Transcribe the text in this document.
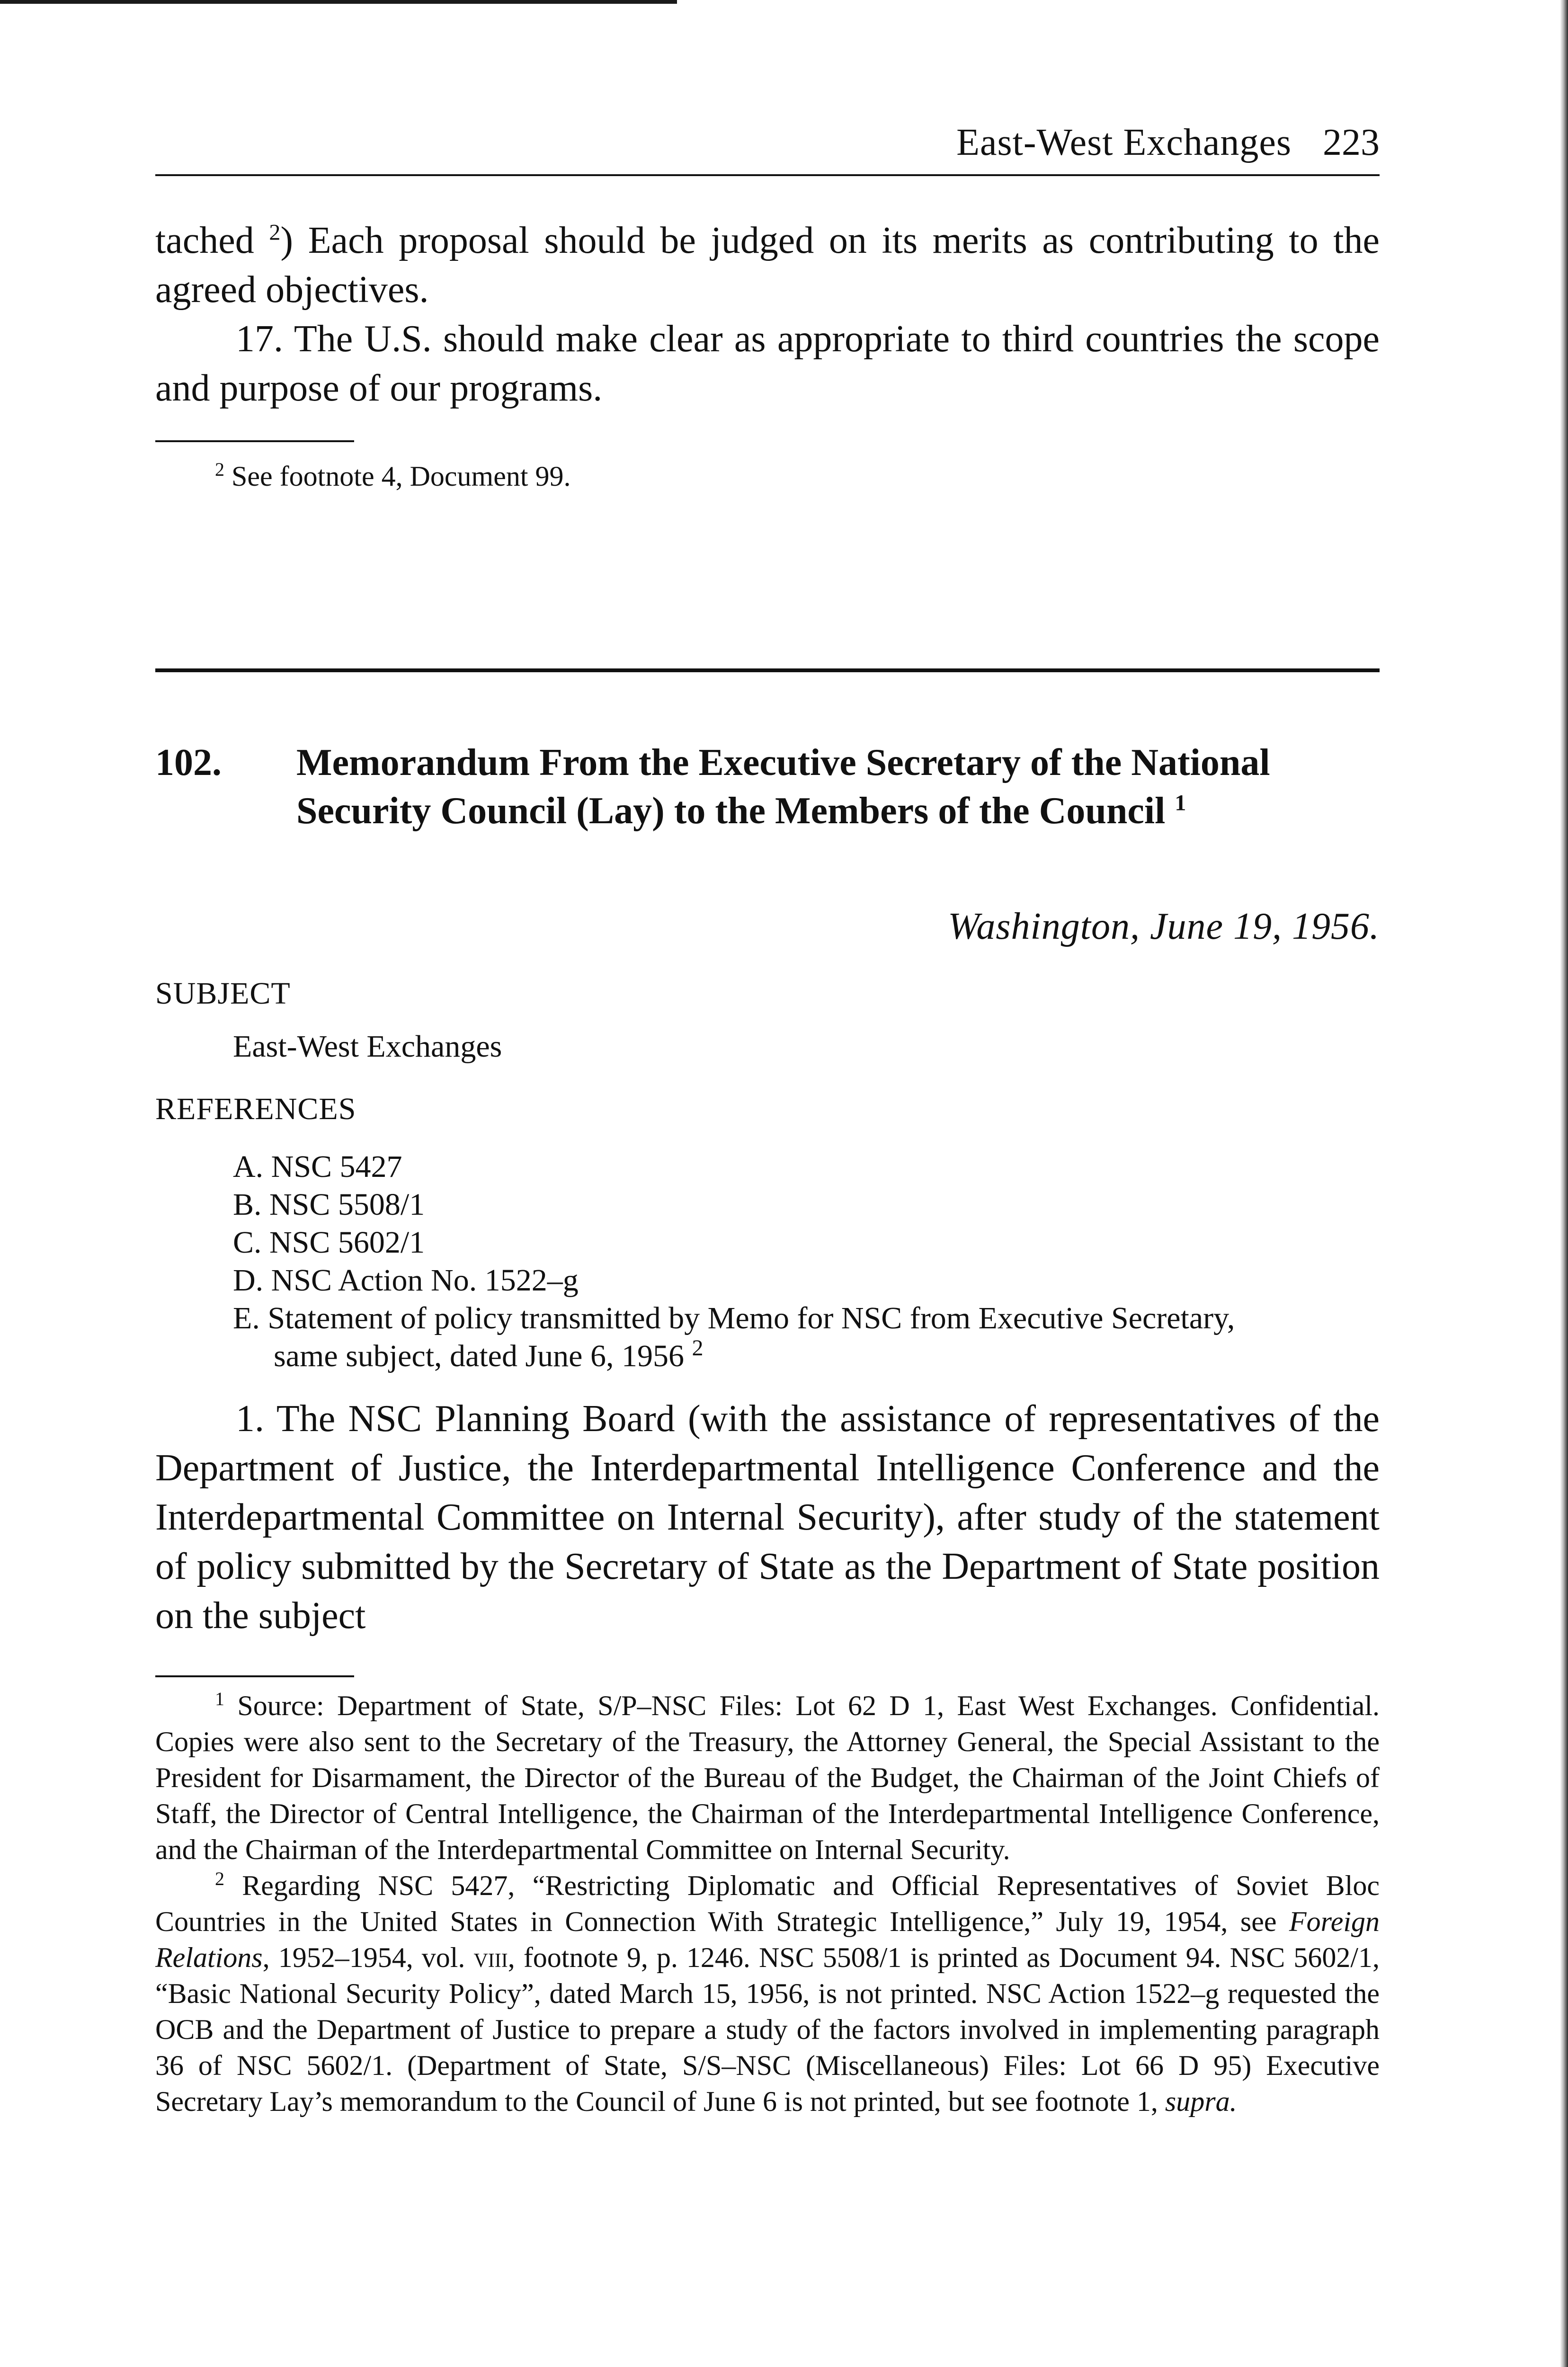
East-West Exchanges 223

tached $^2$) Each proposal should be judged on its merits as contributing to the agreed objectives.

17. The U.S. should make clear as appropriate to third countries the scope and purpose of our programs.

$^2$ See footnote 4, Document 99.

102.	Memorandum From the Executive Secretary of the National Security Council (Lay) to the Members of the Council $^1$
Washington, June 19, 1956.
SUBJECT
East-West Exchanges
REFERENCES
A. NSC 5427
B. NSC 5508/1
C. NSC 5602/1
D. NSC Action No. 1522–g
E. Statement of policy transmitted by Memo for NSC from Executive Secretary, same subject, dated June 6, 1956 $^2$

1. The NSC Planning Board (with the assistance of representatives of the Department of Justice, the Interdepartmental Intelligence Conference and the Interdepartmental Committee on Internal Security), after study of the statement of policy submitted by the Secretary of State as the Department of State position on the subject

$^1$ Source: Department of State, S/P–NSC Files: Lot 62 D 1, East West Exchanges. Confidential. Copies were also sent to the Secretary of the Treasury, the Attorney General, the Special Assistant to the President for Disarmament, the Director of the Bureau of the Budget, the Chairman of the Joint Chiefs of Staff, the Director of Central Intelligence, the Chairman of the Interdepartmental Intelligence Conference, and the Chairman of the Interdepartmental Committee on Internal Security.

$^2$ Regarding NSC 5427, “Restricting Diplomatic and Official Representatives of Soviet Bloc Countries in the United States in Connection With Strategic Intelligence,” July 19, 1954, see Foreign Relations, 1952–1954, vol. viii, footnote 9, p. 1246. NSC 5508/1 is printed as Document 94. NSC 5602/1, “Basic National Security Policy”, dated March 15, 1956, is not printed. NSC Action 1522–g requested the OCB and the Department of Justice to prepare a study of the factors involved in implementing paragraph 36 of NSC 5602/1. (Department of State, S/S–NSC (Miscellaneous) Files: Lot 66 D 95) Executive Secretary Lay’s memorandum to the Council of June 6 is not printed, but see footnote 1, supra.
